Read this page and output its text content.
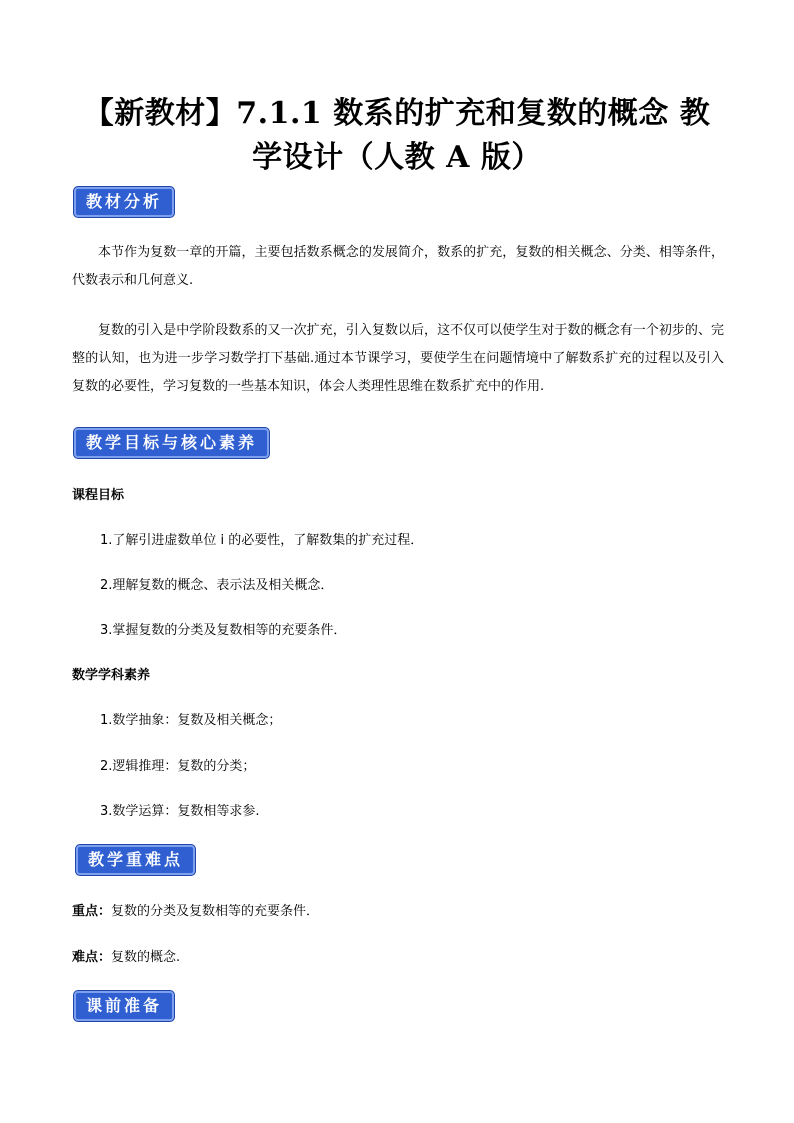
【新教材】7.1.1 数系的扩充和复数的概念 教
学设计（人教 A 版）
教材分析
本节作为复数一章的开篇，主要包括数系概念的发展简介，数系的扩充，复数的相关概念、分类、相等条件，代数表示和几何意义.
复数的引入是中学阶段数系的又一次扩充，引入复数以后，这不仅可以使学生对于数的概念有一个初步的、完整的认知，也为进一步学习数学打下基础.通过本节课学习，要使学生在问题情境中了解数系扩充的过程以及引入复数的必要性，学习复数的一些基本知识，体会人类理性思维在数系扩充中的作用.
教学目标与核心素养
课程目标
1.了解引进虚数单位 i 的必要性，了解数集的扩充过程．
2.理解复数的概念、表示法及相关概念．
3.掌握复数的分类及复数相等的充要条件．
数学学科素养
1.数学抽象：复数及相关概念；
2.逻辑推理：复数的分类；
3.数学运算：复数相等求参.
教学重难点
重点：复数的分类及复数相等的充要条件．
难点：复数的概念.
课前准备
